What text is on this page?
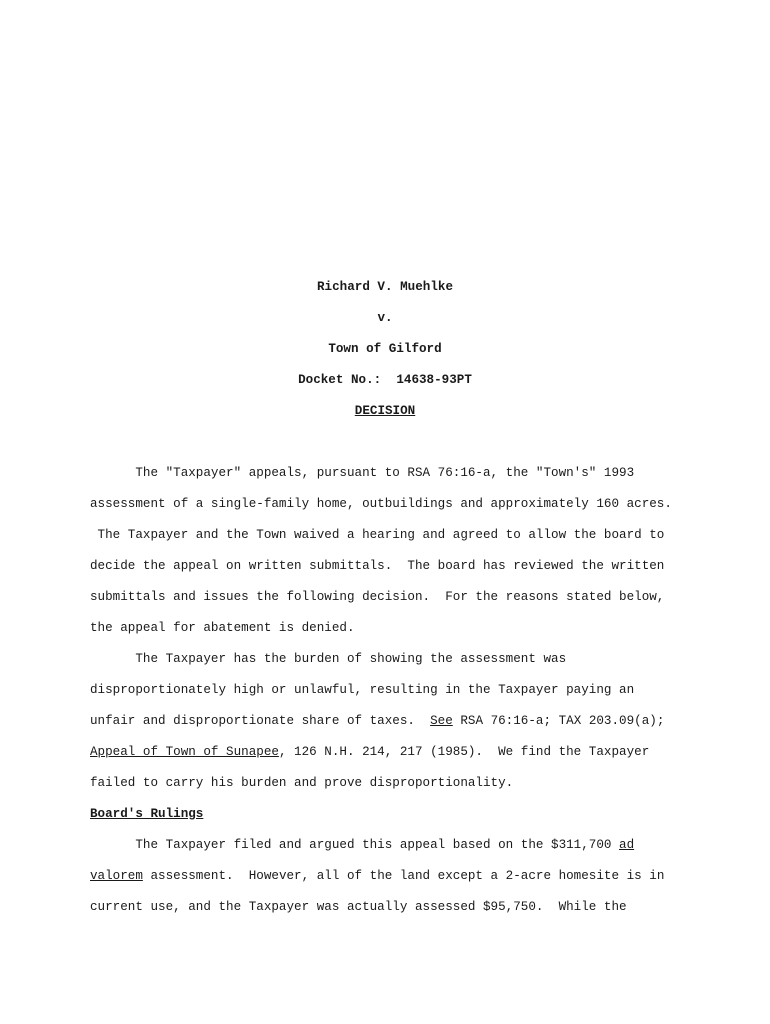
Richard V. Muehlke
v.
Town of Gilford
Docket No.:  14638-93PT
DECISION
The "Taxpayer" appeals, pursuant to RSA 76:16-a, the "Town's" 1993
assessment of a single-family home, outbuildings and approximately 160 acres.
The Taxpayer and the Town waived a hearing and agreed to allow the board to
decide the appeal on written submittals.  The board has reviewed the written
submittals and issues the following decision.  For the reasons stated below,
the appeal for abatement is denied.
The Taxpayer has the burden of showing the assessment was
disproportionately high or unlawful, resulting in the Taxpayer paying an
unfair and disproportionate share of taxes.  See RSA 76:16-a; TAX 203.09(a);
Appeal of Town of Sunapee, 126 N.H. 214, 217 (1985).  We find the Taxpayer
failed to carry his burden and prove disproportionality.
Board's Rulings
The Taxpayer filed and argued this appeal based on the $311,700 ad
valorem assessment.  However, all of the land except a 2-acre homesite is in
current use, and the Taxpayer was actually assessed $95,750.  While the
